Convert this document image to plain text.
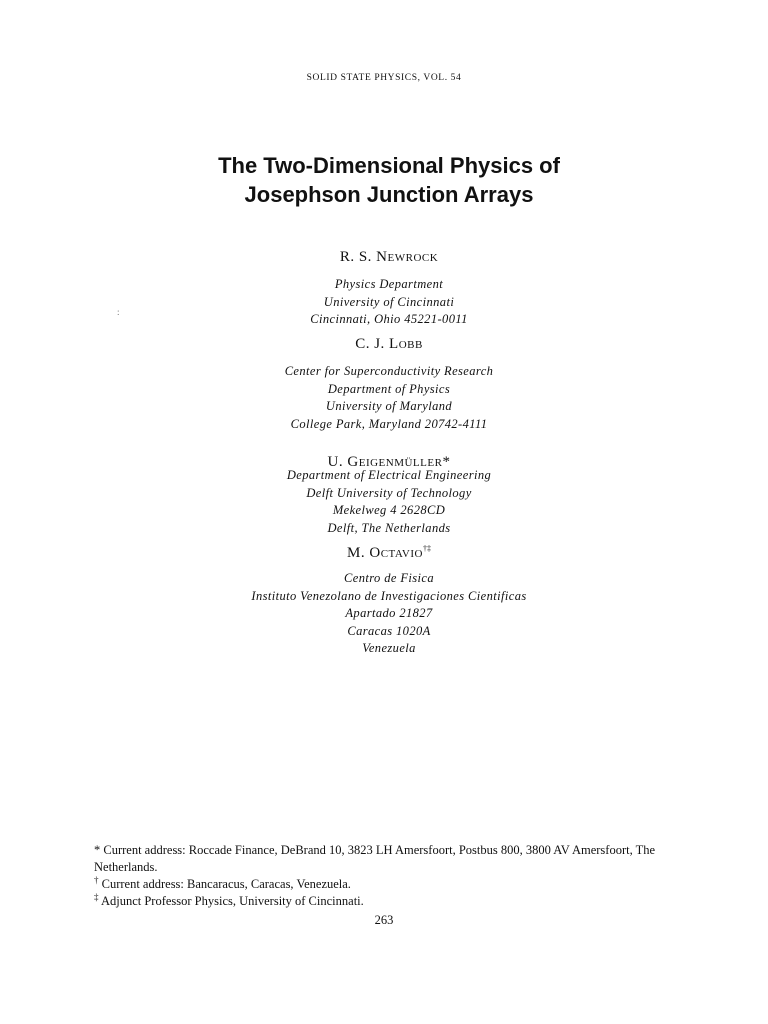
SOLID STATE PHYSICS, VOL. 54
The Two-Dimensional Physics of
Josephson Junction Arrays
R. S. Newrock
Physics Department
University of Cincinnati
Cincinnati, Ohio 45221-0011
C. J. Lobb
Center for Superconductivity Research
Department of Physics
University of Maryland
College Park, Maryland 20742-4111
U. Geigenmüller*
Department of Electrical Engineering
Delft University of Technology
Mekelweg 4 2628CD
Delft, The Netherlands
M. Octavio†‡
Centro de Fisica
Instituto Venezolano de Investigaciones Cientificas
Apartado 21827
Caracas 1020A
Venezuela
:

* Current address: Roccade Finance, DeBrand 10, 3823 LH Amersfoort, Postbus 800, 3800 AV Amersfoort, The Netherlands.

† Current address: Bancaracus, Caracas, Venezuela.

‡ Adjunct Professor Physics, University of Cincinnati.

263
